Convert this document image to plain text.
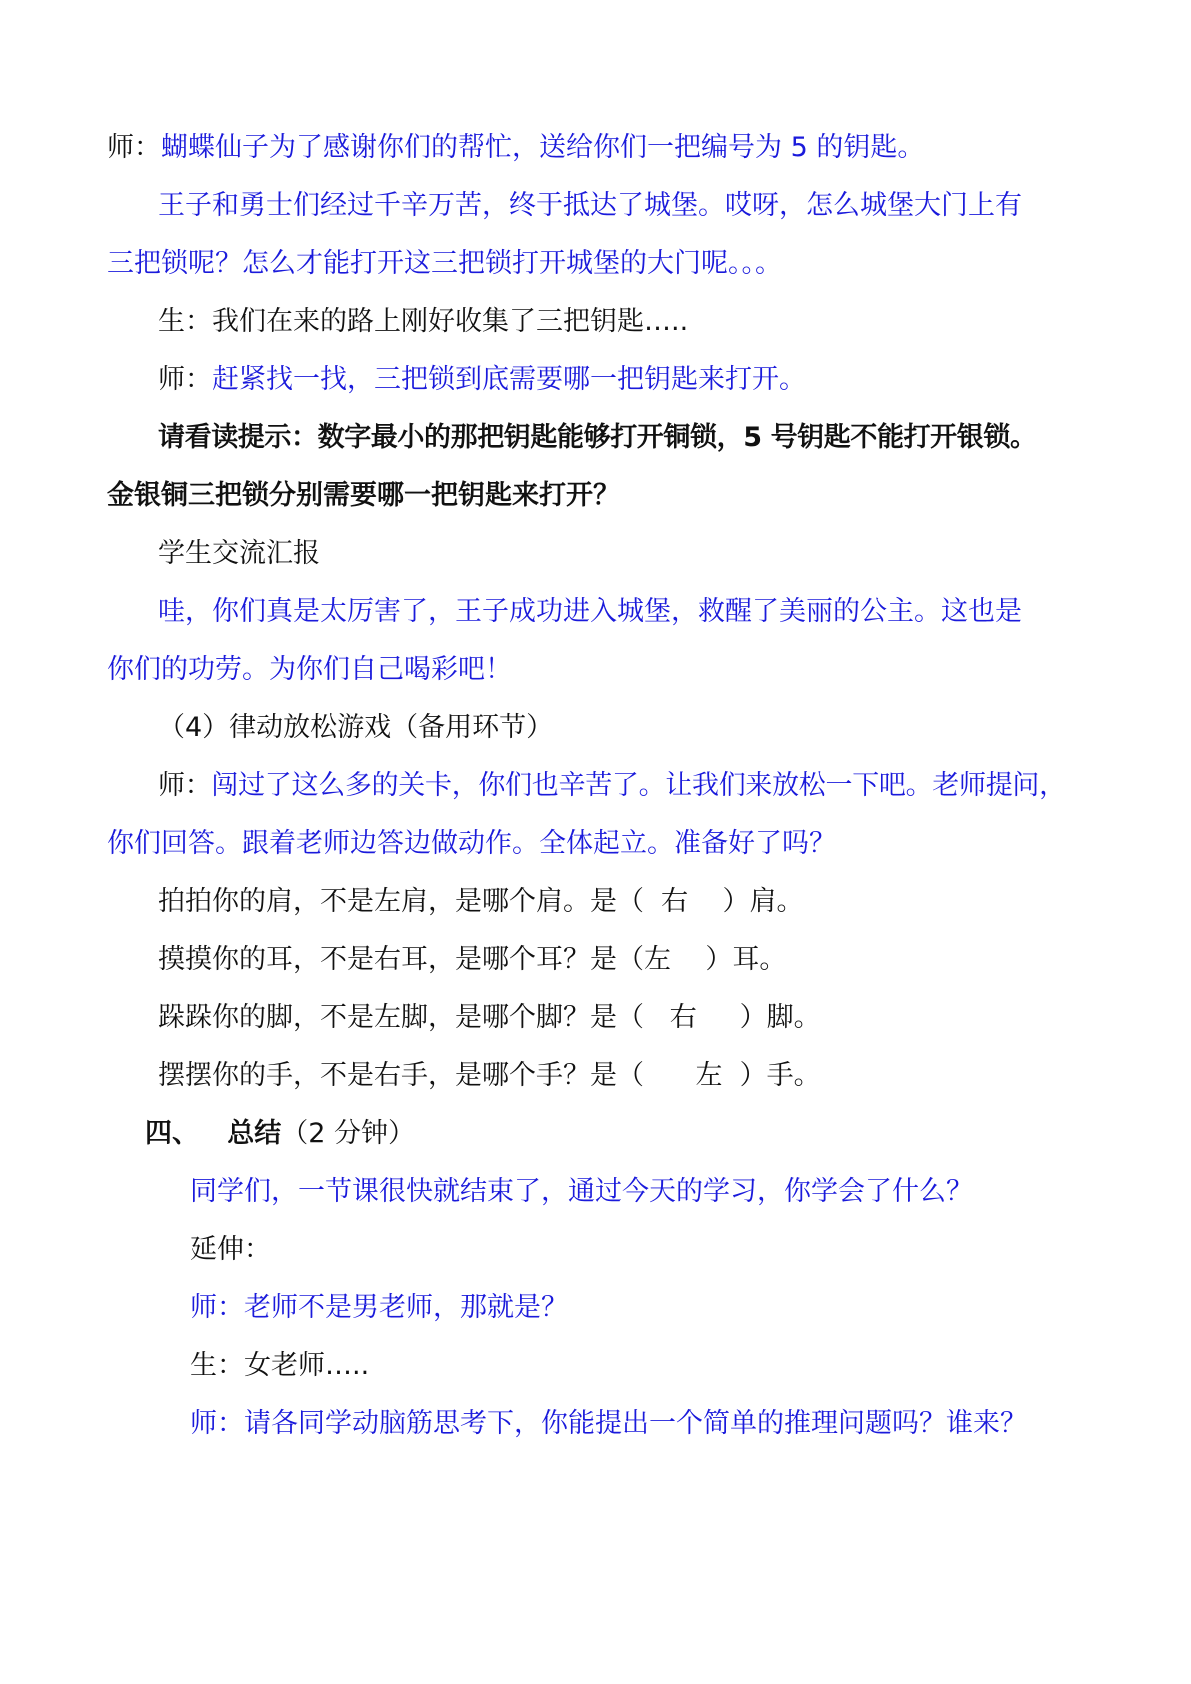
师：蝴蝶仙子为了感谢你们的帮忙，送给你们一把编号为 5 的钥匙。
王子和勇士们经过千辛万苦，终于抵达了城堡。哎呀，怎么城堡大门上有
三把锁呢？怎么才能打开这三把锁打开城堡的大门呢。。。
生：我们在来的路上刚好收集了三把钥匙…..
师：赶紧找一找，三把锁到底需要哪一把钥匙来打开。
请看读提示：数字最小的那把钥匙能够打开铜锁，5 号钥匙不能打开银锁。
金银铜三把锁分别需要哪一把钥匙来打开？
学生交流汇报
哇，你们真是太厉害了，王子成功进入城堡，救醒了美丽的公主。这也是
你们的功劳。为你们自己喝彩吧！
（4）律动放松游戏（备用环节）
师：闯过了这么多的关卡，你们也辛苦了。让我们来放松一下吧。老师提问，
你们回答。跟着老师边答边做动作。全体起立。准备好了吗？
拍拍你的肩，不是左肩，是哪个肩。是（  右    ）肩。
摸摸你的耳，不是右耳，是哪个耳？是（左    ）耳。
跺跺你的脚，不是左脚，是哪个脚？是（   右     ）脚。
摆摆你的手，不是右手，是哪个手？是（      左  ）手。
四、   总结（2 分钟）
同学们，一节课很快就结束了，通过今天的学习，你学会了什么？
延伸：
师：老师不是男老师，那就是？
生：女老师…..
师：请各同学动脑筋思考下，你能提出一个简单的推理问题吗？谁来？
